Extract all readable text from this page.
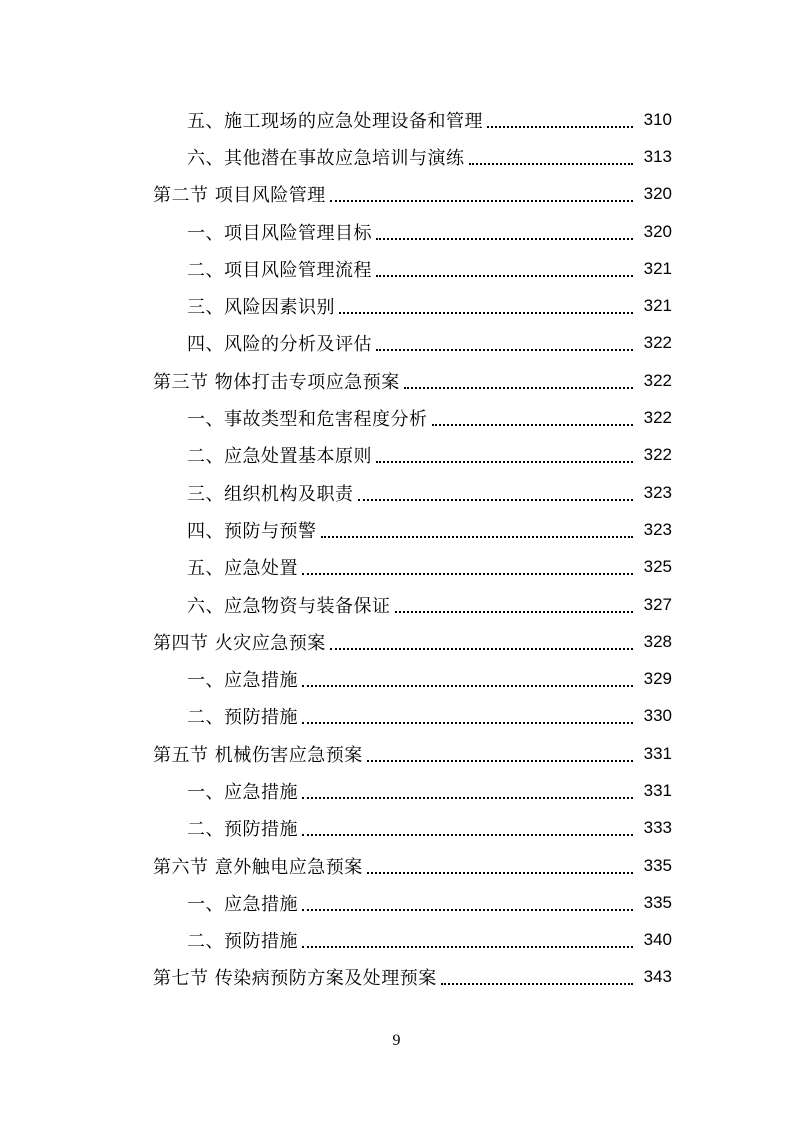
五、施工现场的应急处理设备和管理	310
六、其他潜在事故应急培训与演练	313
第二节 项目风险管理	320
一、项目风险管理目标	320
二、项目风险管理流程	321
三、风险因素识别	321
四、风险的分析及评估	322
第三节 物体打击专项应急预案	322
一、事故类型和危害程度分析	322
二、应急处置基本原则	322
三、组织机构及职责	323
四、预防与预警	323
五、应急处置	325
六、应急物资与装备保证	327
第四节 火灾应急预案	328
一、应急措施	329
二、预防措施	330
第五节 机械伤害应急预案	331
一、应急措施	331
二、预防措施	333
第六节 意外触电应急预案	335
一、应急措施	335
二、预防措施	340
第七节 传染病预防方案及处理预案	343
9
